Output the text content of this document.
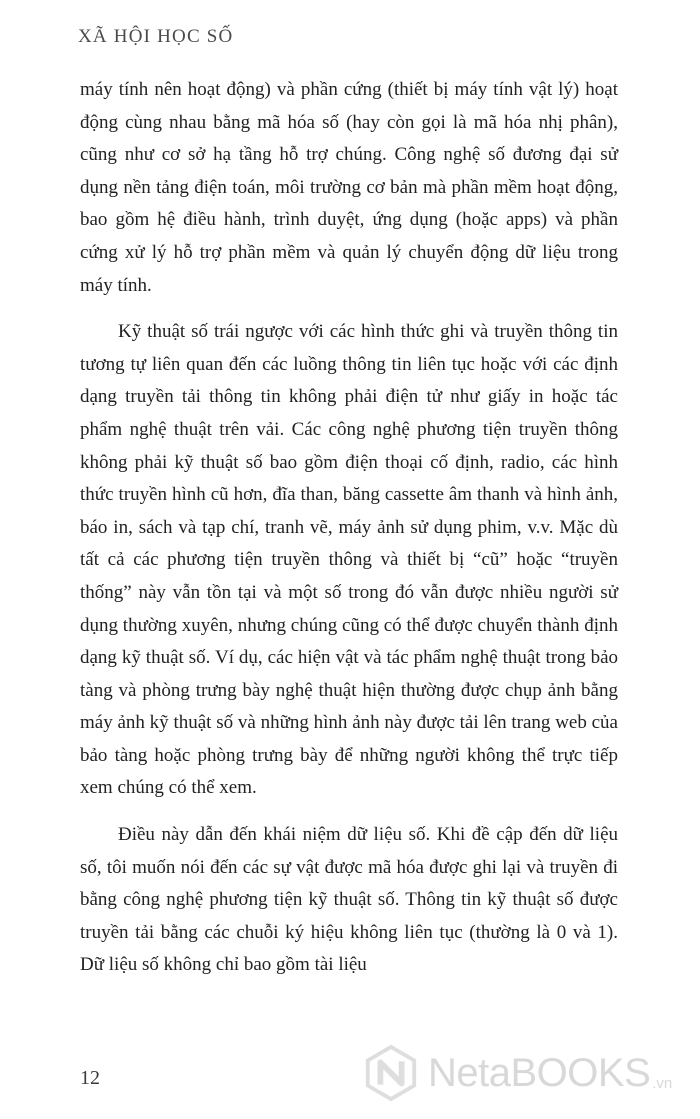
XÃ HỘI HỌC SỐ

máy tính nên hoạt động) và phần cứng (thiết bị máy tính vật lý) hoạt động cùng nhau bằng mã hóa số (hay còn gọi là mã hóa nhị phân), cũng như cơ sở hạ tầng hỗ trợ chúng. Công nghệ số đương đại sử dụng nền tảng điện toán, môi trường cơ bản mà phần mềm hoạt động, bao gồm hệ điều hành, trình duyệt, ứng dụng (hoặc apps) và phần cứng xử lý hỗ trợ phần mềm và quản lý chuyển động dữ liệu trong máy tính.

Kỹ thuật số trái ngược với các hình thức ghi và truyền thông tin tương tự liên quan đến các luồng thông tin liên tục hoặc với các định dạng truyền tải thông tin không phải điện tử như giấy in hoặc tác phẩm nghệ thuật trên vải. Các công nghệ phương tiện truyền thông không phải kỹ thuật số bao gồm điện thoại cố định, radio, các hình thức truyền hình cũ hơn, đĩa than, băng cassette âm thanh và hình ảnh, báo in, sách và tạp chí, tranh vẽ, máy ảnh sử dụng phim, v.v. Mặc dù tất cả các phương tiện truyền thông và thiết bị “cũ” hoặc “truyền thống” này vẫn tồn tại và một số trong đó vẫn được nhiều người sử dụng thường xuyên, nhưng chúng cũng có thể được chuyển thành định dạng kỹ thuật số. Ví dụ, các hiện vật và tác phẩm nghệ thuật trong bảo tàng và phòng trưng bày nghệ thuật hiện thường được chụp ảnh bằng máy ảnh kỹ thuật số và những hình ảnh này được tải lên trang web của bảo tàng hoặc phòng trưng bày để những người không thể trực tiếp xem chúng có thể xem.

Điều này dẫn đến khái niệm dữ liệu số. Khi đề cập đến dữ liệu số, tôi muốn nói đến các sự vật được mã hóa được ghi lại và truyền đi bằng công nghệ phương tiện kỹ thuật số. Thông tin kỹ thuật số được truyền tải bằng các chuỗi ký hiệu không liên tục (thường là 0 và 1). Dữ liệu số không chỉ bao gồm tài liệu

12	NetaBOOKS .vn
